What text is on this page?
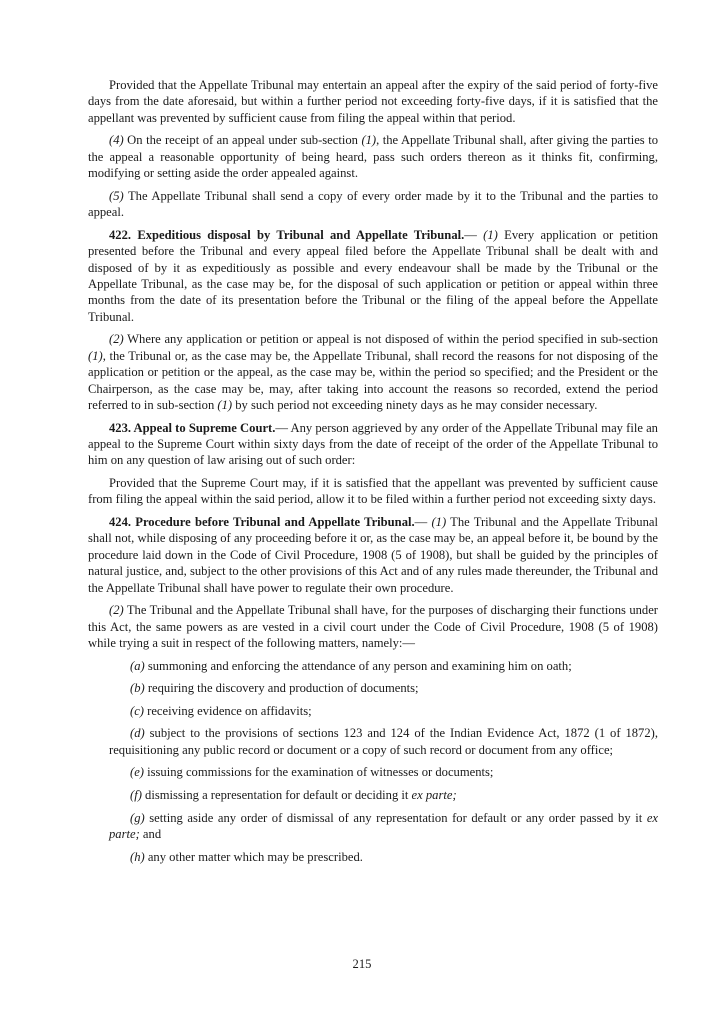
Provided that the Appellate Tribunal may entertain an appeal after the expiry of the said period of forty-five days from the date aforesaid, but within a further period not exceeding forty-five days, if it is satisfied that the appellant was prevented by sufficient cause from filing the appeal within that period.

(4) On the receipt of an appeal under sub-section (1), the Appellate Tribunal shall, after giving the parties to the appeal a reasonable opportunity of being heard, pass such orders thereon as it thinks fit, confirming, modifying or setting aside the order appealed against.

(5) The Appellate Tribunal shall send a copy of every order made by it to the Tribunal and the parties to appeal.

422. Expeditious disposal by Tribunal and Appellate Tribunal.— (1) Every application or petition presented before the Tribunal and every appeal filed before the Appellate Tribunal shall be dealt with and disposed of by it as expeditiously as possible and every endeavour shall be made by the Tribunal or the Appellate Tribunal, as the case may be, for the disposal of such application or petition or appeal within three months from the date of its presentation before the Tribunal or the filing of the appeal before the Appellate Tribunal.

(2) Where any application or petition or appeal is not disposed of within the period specified in sub-section (1), the Tribunal or, as the case may be, the Appellate Tribunal, shall record the reasons for not disposing of the application or petition or the appeal, as the case may be, within the period so specified; and the President or the Chairperson, as the case may be, may, after taking into account the reasons so recorded, extend the period referred to in sub-section (1) by such period not exceeding ninety days as he may consider necessary.

423. Appeal to Supreme Court.— Any person aggrieved by any order of the Appellate Tribunal may file an appeal to the Supreme Court within sixty days from the date of receipt of the order of the Appellate Tribunal to him on any question of law arising out of such order:

Provided that the Supreme Court may, if it is satisfied that the appellant was prevented by sufficient cause from filing the appeal within the said period, allow it to be filed within a further period not exceeding sixty days.

424. Procedure before Tribunal and Appellate Tribunal.— (1) The Tribunal and the Appellate Tribunal shall not, while disposing of any proceeding before it or, as the case may be, an appeal before it, be bound by the procedure laid down in the Code of Civil Procedure, 1908 (5 of 1908), but shall be guided by the principles of natural justice, and, subject to the other provisions of this Act and of any rules made thereunder, the Tribunal and the Appellate Tribunal shall have power to regulate their own procedure.

(2) The Tribunal and the Appellate Tribunal shall have, for the purposes of discharging their functions under this Act, the same powers as are vested in a civil court under the Code of Civil Procedure, 1908 (5 of 1908) while trying a suit in respect of the following matters, namely:—

(a) summoning and enforcing the attendance of any person and examining him on oath;

(b) requiring the discovery and production of documents;

(c) receiving evidence on affidavits;

(d) subject to the provisions of sections 123 and 124 of the Indian Evidence Act, 1872 (1 of 1872), requisitioning any public record or document or a copy of such record or document from any office;

(e) issuing commissions for the examination of witnesses or documents;

(f) dismissing a representation for default or deciding it ex parte;

(g) setting aside any order of dismissal of any representation for default or any order passed by it ex parte; and

(h) any other matter which may be prescribed.

215
